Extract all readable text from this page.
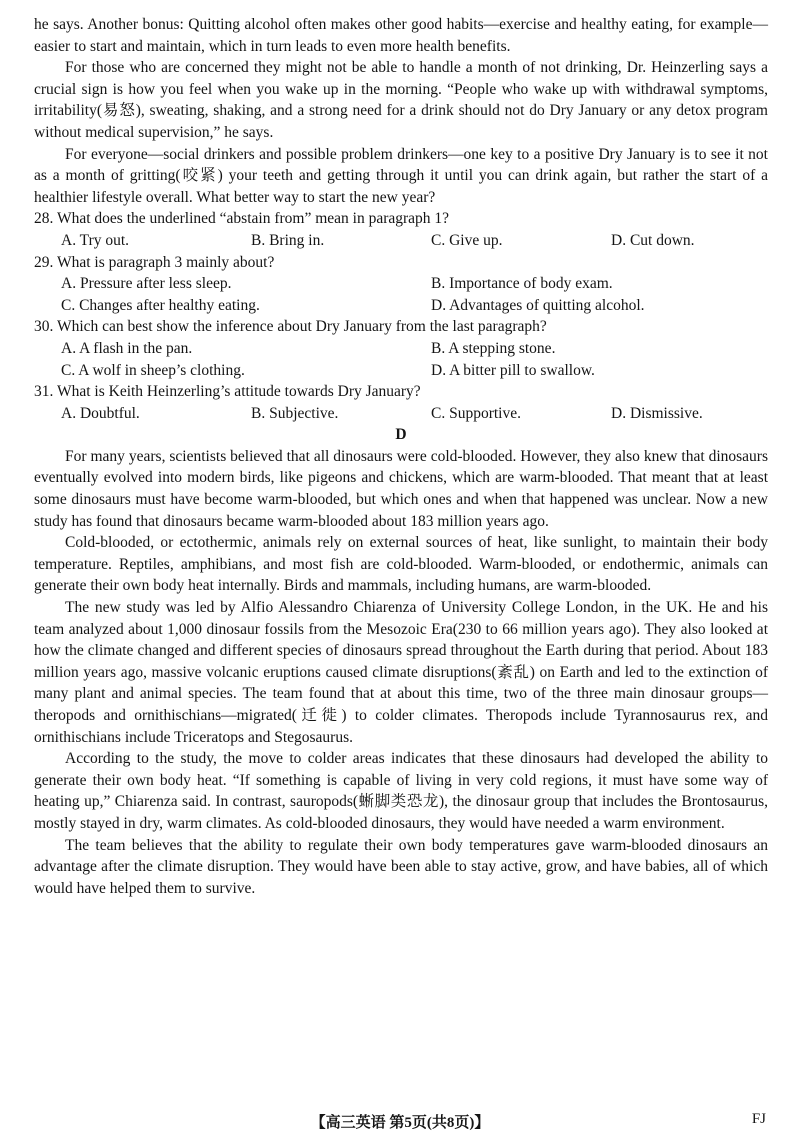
he says. Another bonus: Quitting alcohol often makes other good habits—exercise and healthy eating, for example—easier to start and maintain, which in turn leads to even more health benefits.

For those who are concerned they might not be able to handle a month of not drinking, Dr. Heinzerling says a crucial sign is how you feel when you wake up in the morning. “People who wake up with withdrawal symptoms, irritability(易怒), sweating, shaking, and a strong need for a drink should not do Dry January or any detox program without medical supervision,” he says.

For everyone—social drinkers and possible problem drinkers—one key to a positive Dry January is to see it not as a month of gritting(咬紧) your teeth and getting through it until you can drink again, but rather the start of a healthier lifestyle overall. What better way to start the new year?

28. What does the underlined “abstain from” mean in paragraph 1?
A. Try out.	B. Bring in.	C. Give up.	D. Cut down.
29. What is paragraph 3 mainly about?
A. Pressure after less sleep.	B. Importance of body exam.
C. Changes after healthy eating.	D. Advantages of quitting alcohol.
30. Which can best show the inference about Dry January from the last paragraph?
A. A flash in the pan.	B. A stepping stone.
C. A wolf in sheep’s clothing.	D. A bitter pill to swallow.
31. What is Keith Heinzerling’s attitude towards Dry January?
A. Doubtful.	B. Subjective.	C. Supportive.	D. Dismissive.
D

For many years, scientists believed that all dinosaurs were cold-blooded. However, they also knew that dinosaurs eventually evolved into modern birds, like pigeons and chickens, which are warm-blooded. That meant that at least some dinosaurs must have become warm-blooded, but which ones and when that happened was unclear. Now a new study has found that dinosaurs became warm-blooded about 183 million years ago.

Cold-blooded, or ectothermic, animals rely on external sources of heat, like sunlight, to maintain their body temperature. Reptiles, amphibians, and most fish are cold-blooded. Warm-blooded, or endothermic, animals can generate their own body heat internally. Birds and mammals, including humans, are warm-blooded.

The new study was led by Alfio Alessandro Chiarenza of University College London, in the UK. He and his team analyzed about 1,000 dinosaur fossils from the Mesozoic Era(230 to 66 million years ago). They also looked at how the climate changed and different species of dinosaurs spread throughout the Earth during that period. About 183 million years ago, massive volcanic eruptions caused climate disruptions(紊乱) on Earth and led to the extinction of many plant and animal species. The team found that at about this time, two of the three main dinosaur groups—theropods and ornithischians—migrated(迁徙) to colder climates. Theropods include Tyrannosaurus rex, and ornithischians include Triceratops and Stegosaurus.

According to the study, the move to colder areas indicates that these dinosaurs had developed the ability to generate their own body heat. “If something is capable of living in very cold regions, it must have some way of heating up,” Chiarenza said. In contrast, sauropods(蜥脚类恐龙), the dinosaur group that includes the Brontosaurus, mostly stayed in dry, warm climates. As cold-blooded dinosaurs, they would have needed a warm environment.

The team believes that the ability to regulate their own body temperatures gave warm-blooded dinosaurs an advantage after the climate disruption. They would have been able to stay active, grow, and have babies, all of which would have helped them to survive.

【高三英语 第5页(共8页)】	FJ
